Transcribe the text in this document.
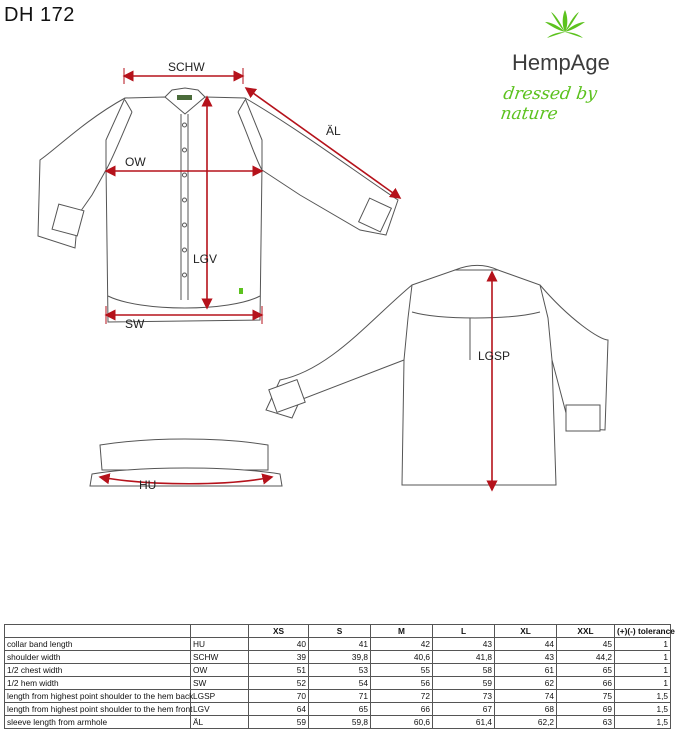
DH 172
SCHW
ÄL
OW
LGV
SW
LGSP
HU
HempAge
dressed by nature
		XS	S	M	L	XL	XXL	(+)(-) tolerance
collar band length	HU	40	41	42	43	44	45	1
shoulder width	SCHW	39	39,8	40,6	41,8	43	44,2	1
1/2 chest width	OW	51	53	55	58	61	65	1
1/2 hem width	SW	52	54	56	59	62	66	1
length from highest point shoulder to the hem back	LGSP	70	71	72	73	74	75	1,5
length from highest point shoulder to the hem front	LGV	64	65	66	67	68	69	1,5
sleeve length from armhole	ÄL	59	59,8	60,6	61,4	62,2	63	1,5
